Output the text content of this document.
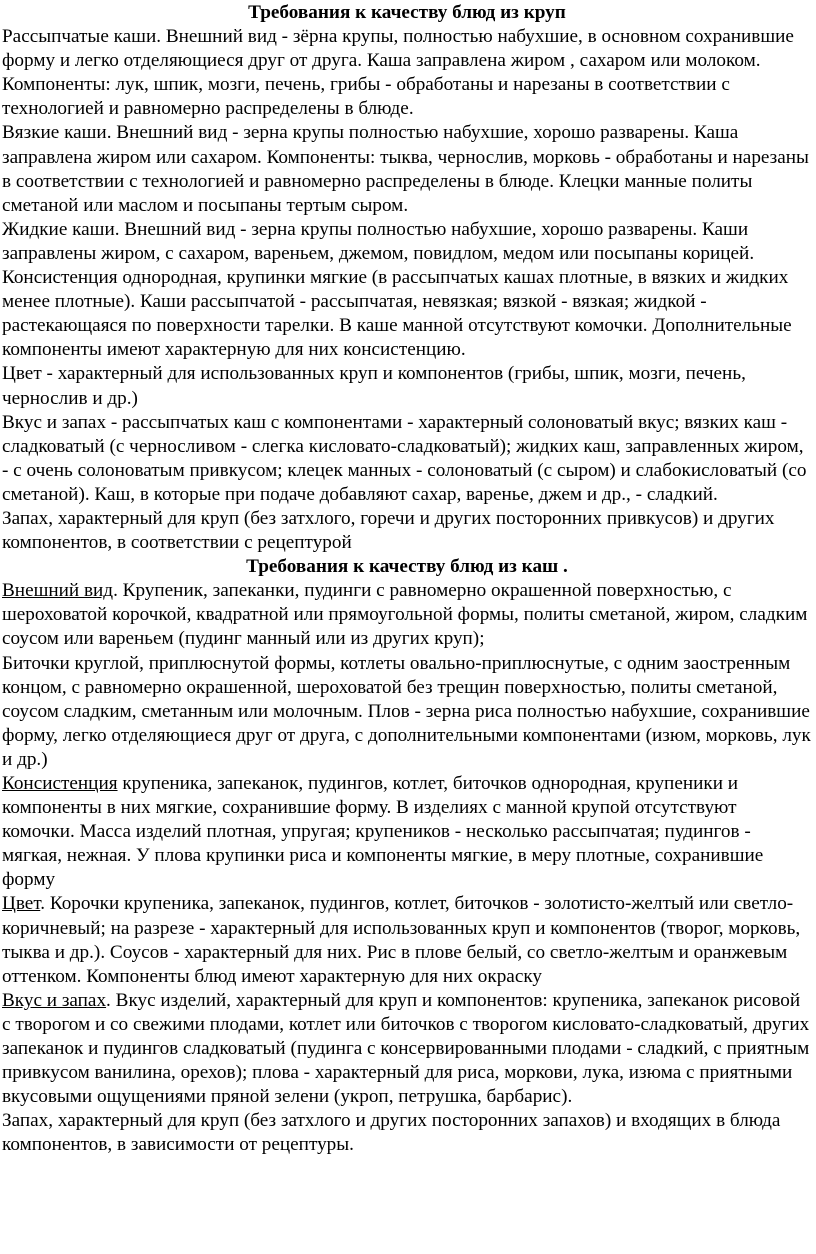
Требования к качеству блюд из круп

Рассыпчатые каши. Внешний вид - зёрна крупы, полностью набухшие, в основном сохранившие форму и легко отделяющиеся друг от друга. Каша заправлена жиром , сахаром или молоком. Компоненты: лук, шпик, мозги, печень, грибы - обработаны и нарезаны в соответствии с технологией и равномерно распределены в блюде.

Вязкие каши. Внешний вид - зерна крупы полностью набухшие, хорошо разварены. Каша заправлена жиром или сахаром. Компоненты: тыква, чернослив, морковь - обработаны и нарезаны в соответствии с технологией и равномерно распределены в блюде. Клецки манные политы сметаной или маслом и посыпаны тертым сыром.

Жидкие каши. Внешний вид - зерна крупы полностью набухшие, хорошо разварены. Каши заправлены жиром, с сахаром, вареньем, джемом, повидлом, медом или посыпаны корицей.

Консистенция однородная, крупинки мягкие (в рассыпчатых кашах плотные, в вязких и жидких менее плотные). Каши рассыпчатой - рассыпчатая, невязкая; вязкой - вязкая; жидкой - растекающаяся по поверхности тарелки. В каше манной отсутствуют комочки. Дополнительные компоненты имеют характерную для них консистенцию.

Цвет - характерный для использованных круп и компонентов (грибы, шпик, мозги, печень, чернослив и др.)

Вкус и запах - рассыпчатых каш с компонентами - характерный солоноватый вкус; вязких каш - сладковатый (с черносливом - слегка кисловато-сладковатый); жидких каш, заправленных жиром, - с очень солоноватым привкусом; клецек манных - солоноватый (с сыром) и слабокисловатый (со сметаной). Каш, в которые при подаче добавляют сахар, варенье, джем и др., - сладкий.

Запах, характерный для круп (без затхлого, горечи и других посторонних привкусов) и других компонентов, в соответствии с рецептурой

Требования к качеству блюд из каш .

Внешний вид. Крупеник, запеканки, пудинги с равномерно окрашенной поверхностью, с шероховатой корочкой, квадратной или прямоугольной формы, политы сметаной, жиром, сладким соусом или вареньем (пудинг манный или из других круп);

Биточки круглой, приплюснутой формы, котлеты овально-приплюснутые, с одним заостренным концом, с равномерно окрашенной, шероховатой без трещин поверхностью, политы сметаной, соусом сладким, сметанным или молочным. Плов - зерна риса полностью набухшие, сохранившие форму, легко отделяющиеся друг от друга, с дополнительными компонентами (изюм, морковь, лук и др.)

Консистенция крупеника, запеканок, пудингов, котлет, биточков однородная, крупеники и компоненты в них мягкие, сохранившие форму. В изделиях с манной крупой отсутствуют комочки. Масса изделий плотная, упругая; крупеников - несколько рассыпчатая; пудингов - мягкая, нежная. У плова крупинки риса и компоненты мягкие, в меру плотные, сохранившие форму

Цвет. Корочки крупеника, запеканок, пудингов, котлет, биточков - золотисто-желтый или светло-коричневый; на разрезе - характерный для использованных круп и компонентов (творог, морковь, тыква и др.). Соусов - характерный для них. Рис в плове белый, со светло-желтым и оранжевым оттенком. Компоненты блюд имеют характерную для них окраску

Вкус и запах. Вкус изделий, характерный для круп и компонентов: крупеника, запеканок рисовой с творогом и со свежими плодами, котлет или биточков с творогом кисловато-сладковатый, других запеканок и пудингов сладковатый (пудинга с консервированными плодами - сладкий, с приятным привкусом ванилина, орехов); плова - характерный для риса, моркови, лука, изюма с приятными вкусовыми ощущениями пряной зелени (укроп, петрушка, барбарис).

Запах, характерный для круп (без затхлого и других посторонних запахов) и входящих в блюда компонентов, в зависимости от рецептуры.
